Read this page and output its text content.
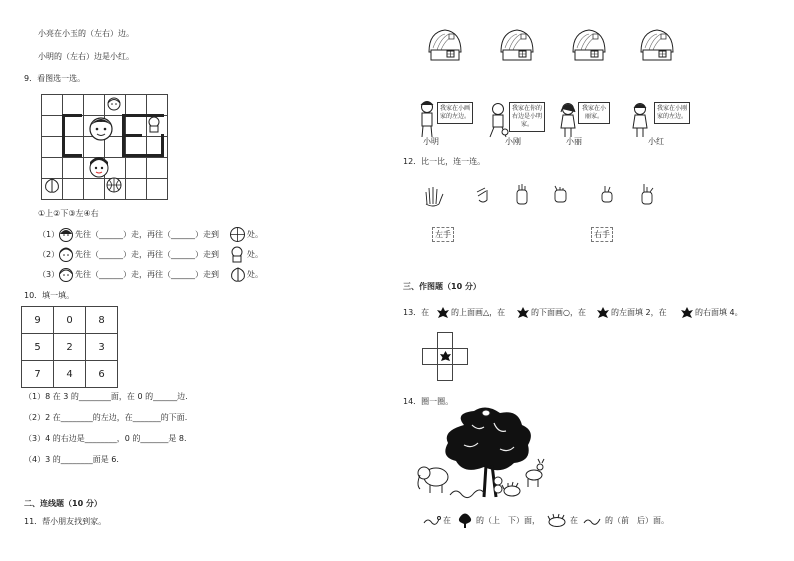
小亮在小玉的（左右）边。
小明的（左右）边是小红。
9．看图选一选。

①上②下③左④右
（1） 先往（______）走，再往（______）走到	处。
（2） 先往（______）走，再往（______）走到	处。
（3） 先往（______）走，再往（______）走到	处。
10．填一填。
9	0	8
5	2	3
7	4	6
（1）8 在 3 的________面，在 0 的______边.
（2）2 在________的左边，在_______的下面.
（3）4 的右边是________，0 的_______是 8.
（4）3 的________面是 6.
二、连线题（10 分）
11．帮小朋友找到家。
我家在小画家的左边。
小明
我家在你的右边是小明家。
小刚
我家在小丽家。
小丽
我家在小刚家的左边。
小红
12．比一比，连一连。
左手	右手
三、作图题（10 分）
13．在	的上面画△，在	的下面画○，在	的左面填 2，在	的右面填 4。

14．圈一圈。
在	的（上　下）面，	在	的（前　后）面。
